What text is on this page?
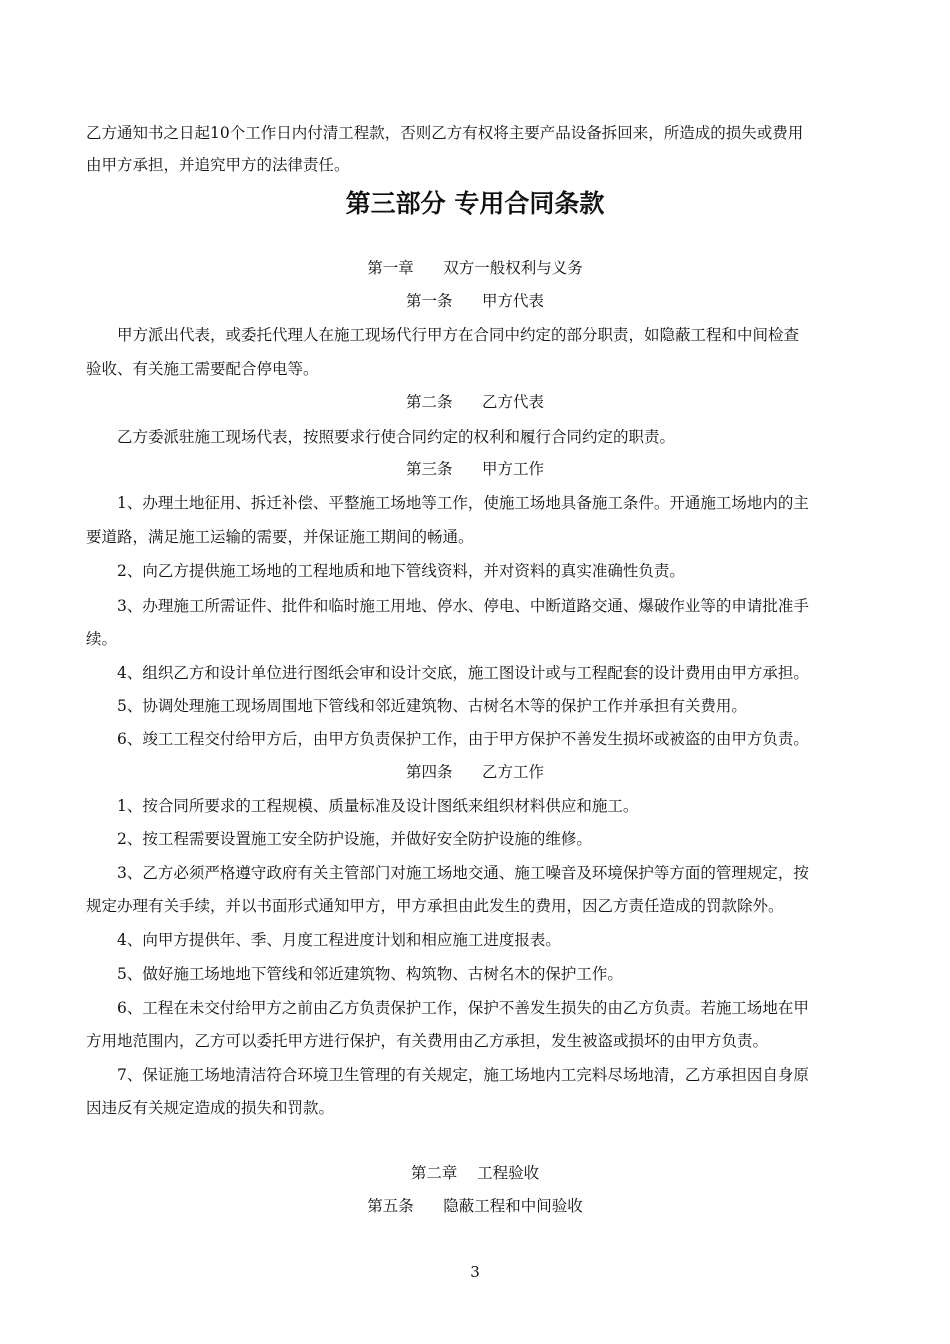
乙方通知书之日起10个工作日内付清工程款，否则乙方有权将主要产品设备拆回来，所造成的损失或费用

由甲方承担，并追究甲方的法律责任。

第三部分 专用合同条款

第一章      双方一般权利与义务

第一条      甲方代表

甲方派出代表，或委托代理人在施工现场代行甲方在合同中约定的部分职责，如隐蔽工程和中间检查

验收、有关施工需要配合停电等。

第二条      乙方代表

乙方委派驻施工现场代表，按照要求行使合同约定的权利和履行合同约定的职责。

第三条      甲方工作

1、办理土地征用、拆迁补偿、平整施工场地等工作，使施工场地具备施工条件。开通施工场地内的主

要道路，满足施工运输的需要，并保证施工期间的畅通。

2、向乙方提供施工场地的工程地质和地下管线资料，并对资料的真实准确性负责。

3、办理施工所需证件、批件和临时施工用地、停水、停电、中断道路交通、爆破作业等的申请批准手

续。

4、组织乙方和设计单位进行图纸会审和设计交底，施工图设计或与工程配套的设计费用由甲方承担。

5、协调处理施工现场周围地下管线和邻近建筑物、古树名木等的保护工作并承担有关费用。

6、竣工工程交付给甲方后，由甲方负责保护工作，由于甲方保护不善发生损坏或被盗的由甲方负责。

第四条      乙方工作

1、按合同所要求的工程规模、质量标准及设计图纸来组织材料供应和施工。

2、按工程需要设置施工安全防护设施，并做好安全防护设施的维修。

3、乙方必须严格遵守政府有关主管部门对施工场地交通、施工噪音及环境保护等方面的管理规定，按

规定办理有关手续，并以书面形式通知甲方，甲方承担由此发生的费用，因乙方责任造成的罚款除外。

4、向甲方提供年、季、月度工程进度计划和相应施工进度报表。

5、做好施工场地地下管线和邻近建筑物、构筑物、古树名木的保护工作。

6、工程在未交付给甲方之前由乙方负责保护工作，保护不善发生损失的由乙方负责。若施工场地在甲

方用地范围内，乙方可以委托甲方进行保护，有关费用由乙方承担，发生被盗或损坏的由甲方负责。

7、保证施工场地清洁符合环境卫生管理的有关规定，施工场地内工完料尽场地清，乙方承担因自身原

因违反有关规定造成的损失和罚款。

第二章    工程验收

第五条      隐蔽工程和中间验收

3
